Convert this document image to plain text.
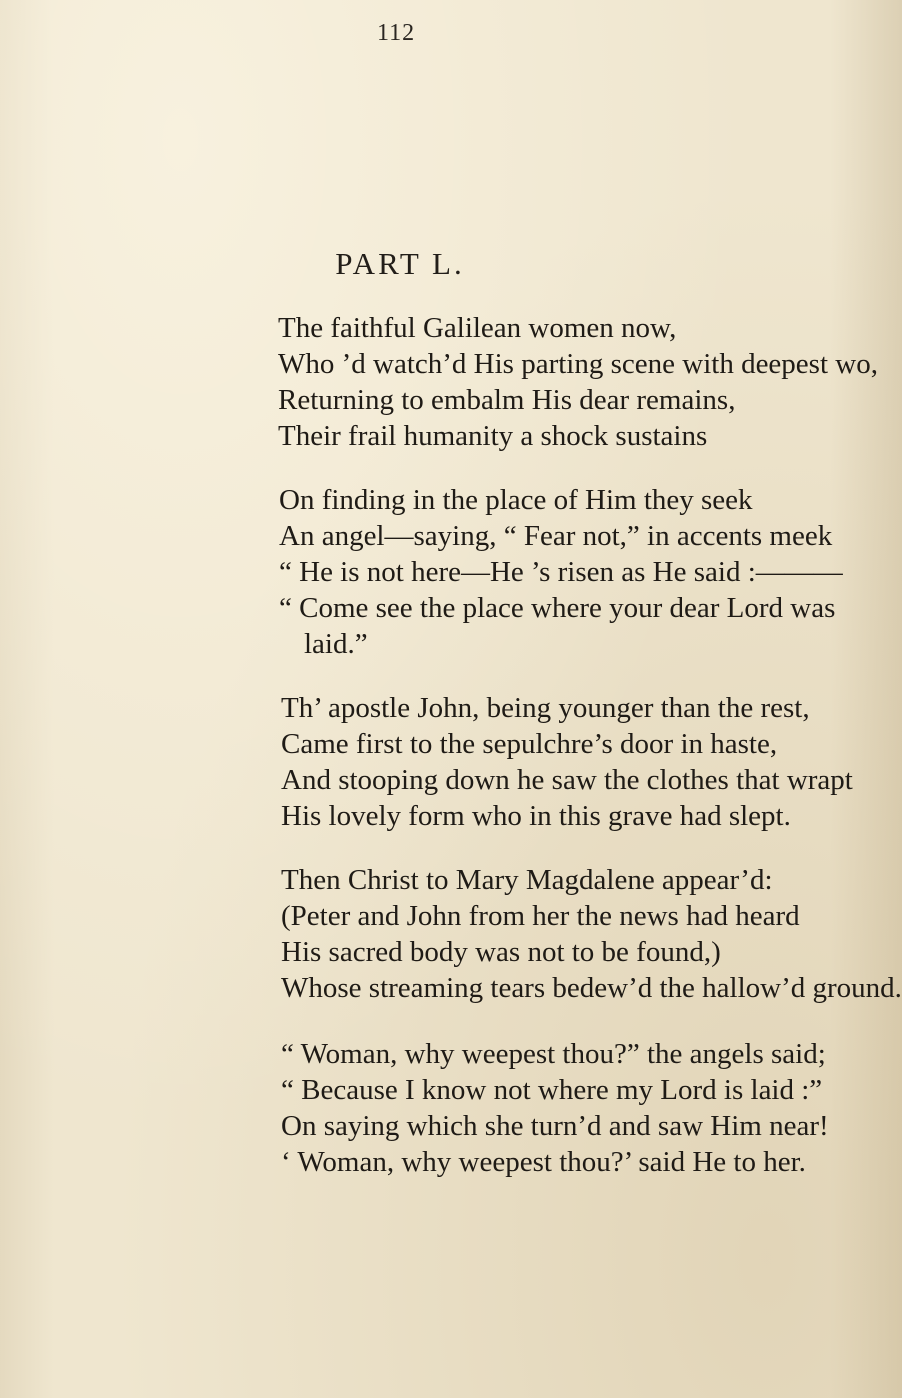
112
PART L.
The faithful Galilean women now,
Who ’d watch’d His parting scene with deepest wo,
Returning to embalm His dear remains,
Their frail humanity a shock sustains
On finding in the place of Him they seek
An angel—saying, “ Fear not,” in accents meek
“ He is not here—He ’s risen as He said :———
“ Come see the place where your dear Lord was
laid.”
Th’ apostle John, being younger than the rest,
Came first to the sepulchre’s door in haste,
And stooping down he saw the clothes that wrapt
His lovely form who in this grave had slept.
Then Christ to Mary Magdalene appear’d:
(Peter and John from her the news had heard
His sacred body was not to be found,)
Whose streaming tears bedew’d the hallow’d ground.
“ Woman, why weepest thou?” the angels said;
“ Because I know not where my Lord is laid :”
On saying which she turn’d and saw Him near!
‘ Woman, why weepest thou?’ said He to her.
